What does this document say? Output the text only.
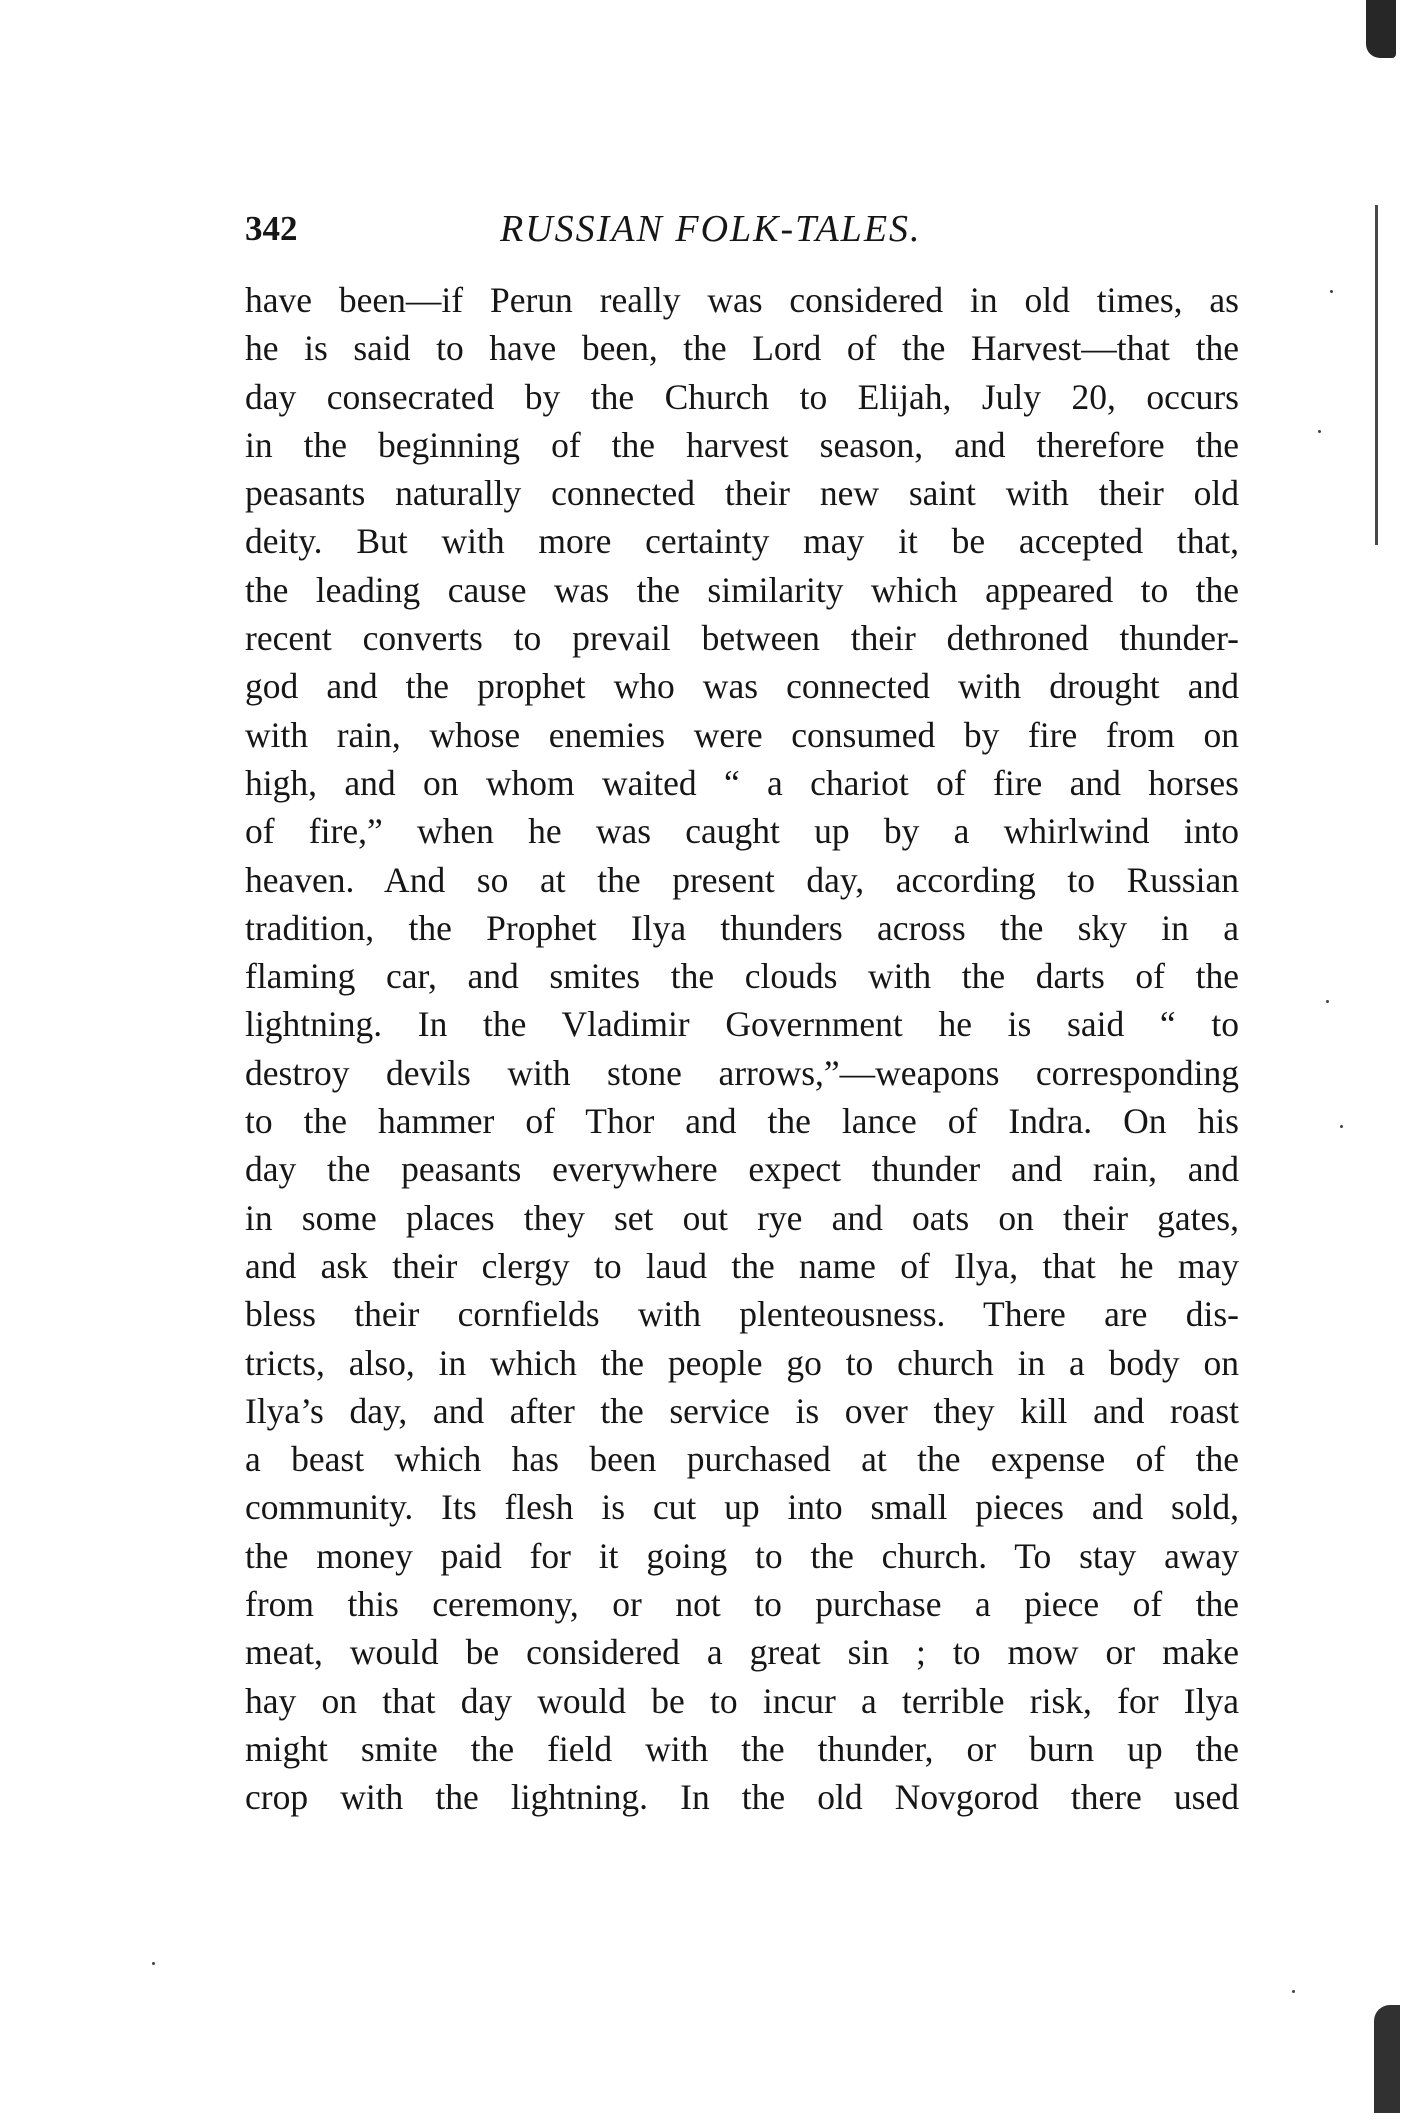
342	RUSSIAN FOLK-TALES.
have been—if Perun really was considered in old times, as
he is said to have been, the Lord of the Harvest—that the
day consecrated by the Church to Elijah, July 20, occurs
in the beginning of the harvest season, and therefore the
peasants naturally connected their new saint with their old
deity. But with more certainty may it be accepted that,
the leading cause was the similarity which appeared to the
recent converts to prevail between their dethroned thunder-
god and the prophet who was connected with drought and
with rain, whose enemies were consumed by fire from on
high, and on whom waited “ a chariot of fire and horses
of fire,” when he was caught up by a whirlwind into
heaven. And so at the present day, according to Russian
tradition, the Prophet Ilya thunders across the sky in a
flaming car, and smites the clouds with the darts of the
lightning. In the Vladimir Government he is said “ to
destroy devils with stone arrows,”—weapons corresponding
to the hammer of Thor and the lance of Indra. On his
day the peasants everywhere expect thunder and rain, and
in some places they set out rye and oats on their gates,
and ask their clergy to laud the name of Ilya, that he may
bless their cornfields with plenteousness. There are dis-
tricts, also, in which the people go to church in a body on
Ilya’s day, and after the service is over they kill and roast
a beast which has been purchased at the expense of the
community. Its flesh is cut up into small pieces and sold,
the money paid for it going to the church. To stay away
from this ceremony, or not to purchase a piece of the
meat, would be considered a great sin ; to mow or make
hay on that day would be to incur a terrible risk, for Ilya
might smite the field with the thunder, or burn up the
crop with the lightning. In the old Novgorod there used
